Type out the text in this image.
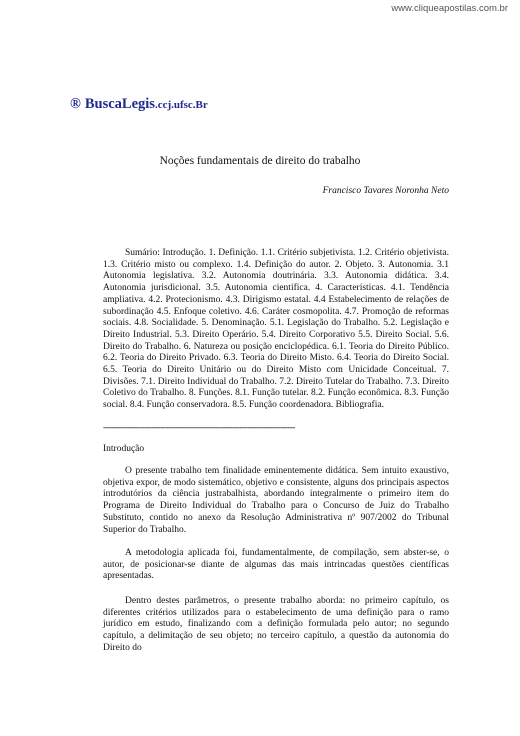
www.cliqueapostilas.com.br
® BuscaLegis.ccj.ufsc.Br
Noções fundamentais de direito do trabalho
Francisco Tavares Noronha Neto
Sumário: Introdução. 1. Definição. 1.1. Critério subjetivista. 1.2. Critério objetivista. 1.3. Critério misto ou complexo. 1.4. Definição do autor. 2. Objeto. 3. Autonomia. 3.1 Autonomia legislativa. 3.2. Autonomia doutrinária. 3.3. Autonomia didática. 3.4. Autonomia jurisdicional. 3.5. Autonomia científica. 4. Características. 4.1. Tendência ampliativa. 4.2. Protecionismo. 4.3. Dirigismo estatal. 4.4 Estabelecimento de relações de subordinação 4.5. Enfoque coletivo. 4.6. Caráter cosmopolita. 4.7. Promoção de reformas sociais. 4.8. Socialidade. 5. Denominação. 5.1. Legislação do Trabalho. 5.2. Legislação e Direito Industrial. 5.3. Direito Operário. 5.4. Direito Corporativo 5.5. Direito Social. 5.6. Direito do Trabalho. 6. Natureza ou posição enciclopédica. 6.1. Teoria do Direito Público. 6.2. Teoria do Direito Privado. 6.3. Teoria do Direito Misto. 6.4. Teoria do Direito Social. 6.5. Teoria do Direito Unitário ou do Direito Misto com Unicidade Conceitual. 7. Divisões. 7.1. Direito Individual do Trabalho. 7.2. Direito Tutelar do Trabalho. 7.3. Direito Coletivo do Trabalho. 8. Funções. 8.1. Função tutelar. 8.2. Função econômica. 8.3. Função social. 8.4. Função conservadora. 8.5. Função coordenadora. Bibliografia.
--------------------------------------------------------------------------------
Introdução
O presente trabalho tem finalidade eminentemente didática. Sem intuito exaustivo, objetiva expor, de modo sistemático, objetivo e consistente, alguns dos principais aspectos introdutórios da ciência justrabalhista, abordando integralmente o primeiro item do Programa de Direito Individual do Trabalho para o Concurso de Juiz do Trabalho Substituto, contido no anexo da Resolução Administrativa nº 907/2002 do Tribunal Superior do Trabalho.
A metodologia aplicada foi, fundamentalmente, de compilação, sem abster-se, o autor, de posicionar-se diante de algumas das mais intrincadas questões científicas apresentadas.
Dentro destes parâmetros, o presente trabalho aborda: no primeiro capítulo, os diferentes critérios utilizados para o estabelecimento de uma definição para o ramo jurídico em estudo, finalizando com a definição formulada pelo autor; no segundo capítulo, a delimitação de seu objeto; no terceiro capítulo, a questão da autonomia do Direito do
